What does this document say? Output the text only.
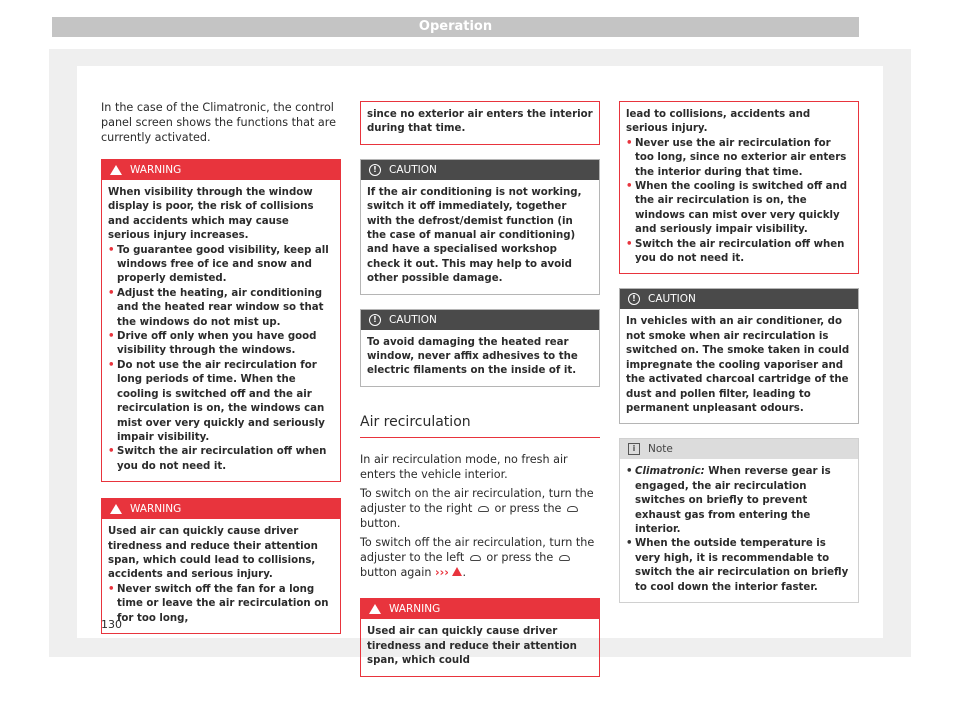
Operation

In the case of the Climatronic, the control panel screen shows the functions that are currently activated.

WARNING
When visibility through the window display is poor, the risk of collisions and accidents which may cause serious injury increases.
• To guarantee good visibility, keep all windows free of ice and snow and properly demisted.
• Adjust the heating, air conditioning and the heated rear window so that the windows do not mist up.
• Drive off only when you have good visibility through the windows.
• Do not use the air recirculation for long periods of time. When the cooling is switched off and the air recirculation is on, the windows can mist over very quickly and seriously impair visibility.
• Switch the air recirculation off when you do not need it.
WARNING
Used air can quickly cause driver tiredness and reduce their attention span, which could lead to collisions, accidents and serious injury.
• Never switch off the fan for a long time or leave the air recirculation on for too long,
since no exterior air enters the interior during that time.
!	CAUTION
If the air conditioning is not working, switch it off immediately, together with the defrost/demist function (in the case of manual air conditioning) and have a specialised workshop check it out. This may help to avoid other possible damage.
!	CAUTION
To avoid damaging the heated rear window, never affix adhesives to the electric filaments on the inside of it.
Air recirculation

In air recirculation mode, no fresh air enters the vehicle interior.

To switch on the air recirculation, turn the adjuster to the right or press the  button.

To switch off the air recirculation, turn the adjuster to the left or press the  button again ››› .

WARNING
Used air can quickly cause driver tiredness and reduce their attention span, which could
lead to collisions, accidents and serious injury.
• Never use the air recirculation for too long, since no exterior air enters the interior during that time.
• When the cooling is switched off and the air recirculation is on, the windows can mist over very quickly and seriously impair visibility.
• Switch the air recirculation off when you do not need it.
!	CAUTION
In vehicles with an air conditioner, do not smoke when air recirculation is switched on. The smoke taken in could impregnate the cooling vaporiser and the activated charcoal cartridge of the dust and pollen filter, leading to permanent unpleasant odours.
i	Note
• Climatronic: When reverse gear is engaged, the air recirculation switches on briefly to prevent exhaust gas from entering the interior.
• When the outside temperature is very high, it is recommendable to switch the air recirculation on briefly to cool down the interior faster.
130
